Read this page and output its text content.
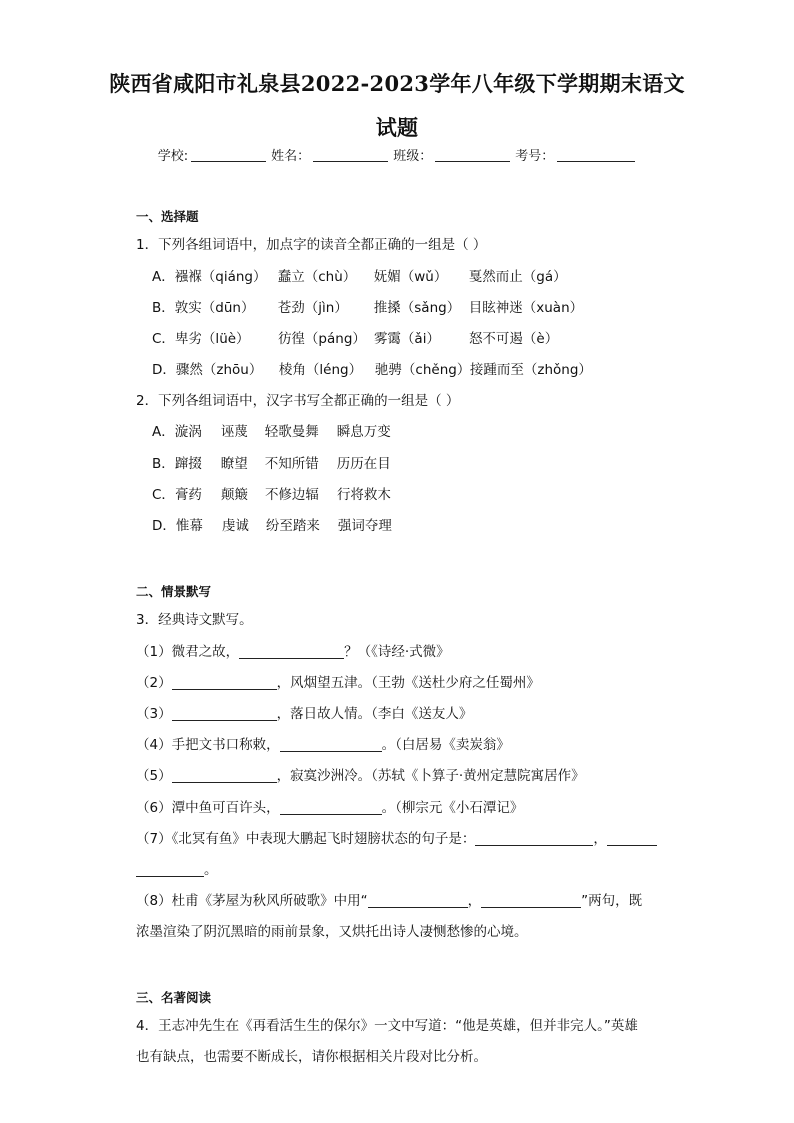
陕西省咸阳市礼泉县2022-2023学年八年级下学期期末语文
试题
学校:	姓名：	班级：	考号：
一、选择题
1．下列各组词语中，加点字的读音全都正确的一组是（ ）
A．襁褓（qiáng） 蠢立（chù） 妩媚（wǔ） 戛然而止（gá）
B．敦实（dūn） 苍劲（jìn） 推搡（sǎng） 目眩神迷（xuàn）
C．卑劣（lüè） 彷徨（páng） 雾霭（ǎi） 怒不可遏（è）
D．骤然（zhōu） 棱角（léng） 驰骋（chěng）接踵而至（zhǒng）
2．下列各组词语中，汉字书写全都正确的一组是（ ）
A．漩涡 诬蔑 轻歌曼舞 瞬息万变
B．蹿掇 瞭望 不知所错 历历在目
C．膏药 颠簸 不修边辐 行将救木
D．惟幕 虔诚 纷至踏来 强词夺理
二、情景默写
3．经典诗文默写。
（1）微君之故，	？（《诗经·式微》
（2）	，风烟望五津。（王勃《送杜少府之任蜀州》
（3）	，落日故人情。（李白《送友人》
（4）手把文书口称敕，	。（白居易《卖炭翁》
（5）	，寂寞沙洲冷。（苏轼《卜算子·黄州定慧院寓居作》
（6）潭中鱼可百许头，	。（柳宗元《小石潭记》
（7）《北冥有鱼》中表现大鹏起飞时翅膀状态的句子是：	，
。
（8）杜甫《茅屋为秋风所破歌》中用“	，	”两句，既
浓墨渲染了阴沉黑暗的雨前景象，又烘托出诗人凄恻愁惨的心境。
三、名著阅读
4．王志冲先生在《再看活生生的保尔》一文中写道：“他是英雄，但并非完人。”英雄
也有缺点，也需要不断成长，请你根据相关片段对比分析。
